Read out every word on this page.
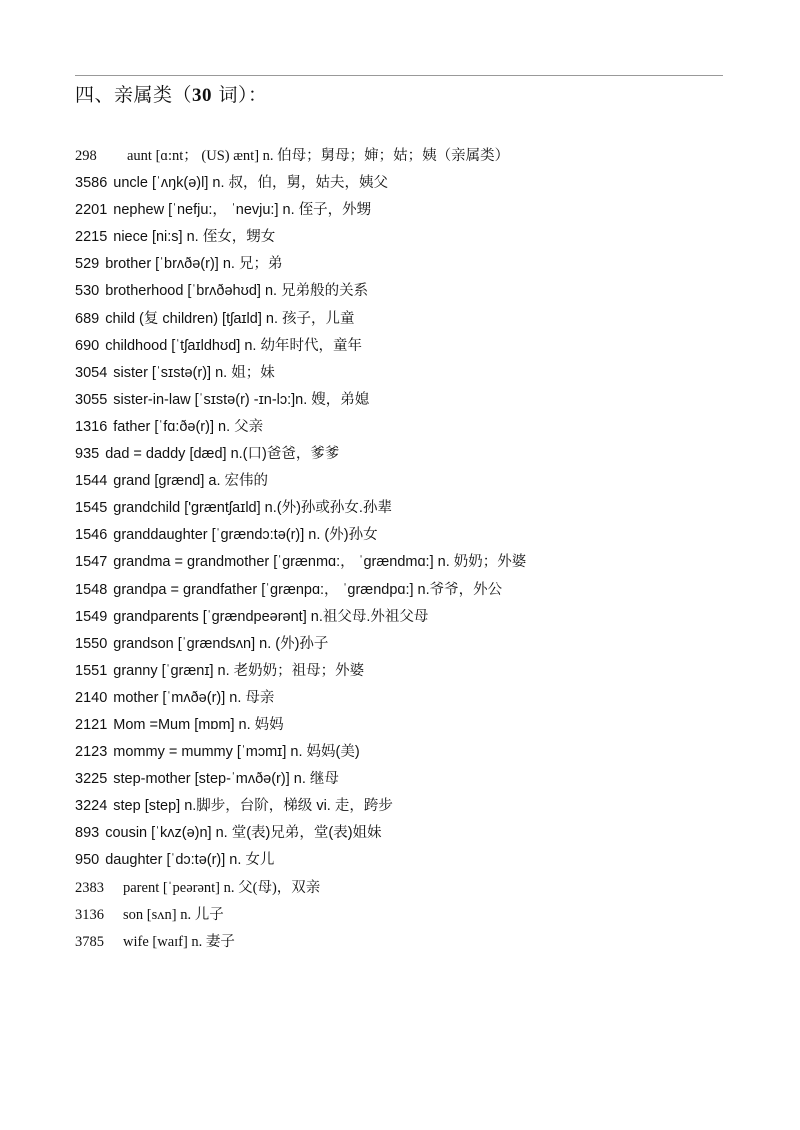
四、亲属类（30 词）：
298 aunt [ɑ:nt； (US) ænt] n. 伯母；舅母；婶；姑；姨（亲属类）
3586 uncle [ˈʌŋk(ə)l] n. 叔，伯，舅，姑夫，姨父
2201 nephew [ˈnefju:， ˈnevju:] n. 侄子，外甥
2215 niece [ni:s] n. 侄女，甥女
529 brother [ˈbrʌðə(r)] n. 兄；弟
530 brotherhood [ˈbrʌðəhʊd] n. 兄弟般的关系
689 child (复 children) [tʃaɪld] n. 孩子，儿童
690 childhood [ˈtʃaɪldhʊd] n. 幼年时代，童年
3054 sister [ˈsɪstə(r)] n. 姐；妹
3055 sister-in-law [ˈsɪstə(r) -ɪn-lɔ:]n. 嫂，弟媳
1316 father [ˈfɑ:ðə(r)] n. 父亲
935 dad = daddy [dæd] n.(口)爸爸，爹爹
1544 grand [grænd] a. 宏伟的
1545 grandchild ['græntʃaɪld] n.(外)孙或孙女.孙辈
1546 granddaughter [ˈgrændɔ:tə(r)] n. (外)孙女
1547 grandma = grandmother [ˈgrænmɑ:， ˈgrændmɑ:] n. 奶奶；外婆
1548 grandpa = grandfather [ˈgrænpɑ:， ˈgrændpɑ:] n.爷爷，外公
1549 grandparents [ˈgrændpeərənt] n.祖父母.外祖父母
1550 grandson [ˈgrændsʌn] n. (外)孙子
1551 granny [ˈgrænɪ] n. 老奶奶；祖母；外婆
2140 mother [ˈmʌðə(r)] n. 母亲
2121 Mom =Mum [mɒm] n. 妈妈
2123 mommy = mummy [ˈmɔmɪ] n. 妈妈(美)
3225 step-mother [step-ˈmʌðə(r)] n. 继母
3224 step [step] n.脚步，台阶，梯级 vi. 走，跨步
893 cousin [ˈkʌz(ə)n] n. 堂(表)兄弟，堂(表)姐妹
950 daughter [ˈdɔ:tə(r)] n. 女儿
2383 parent [ˈpeərənt] n. 父(母)，双亲
3136 son [sʌn] n. 儿子
3785 wife [waɪf] n. 妻子
